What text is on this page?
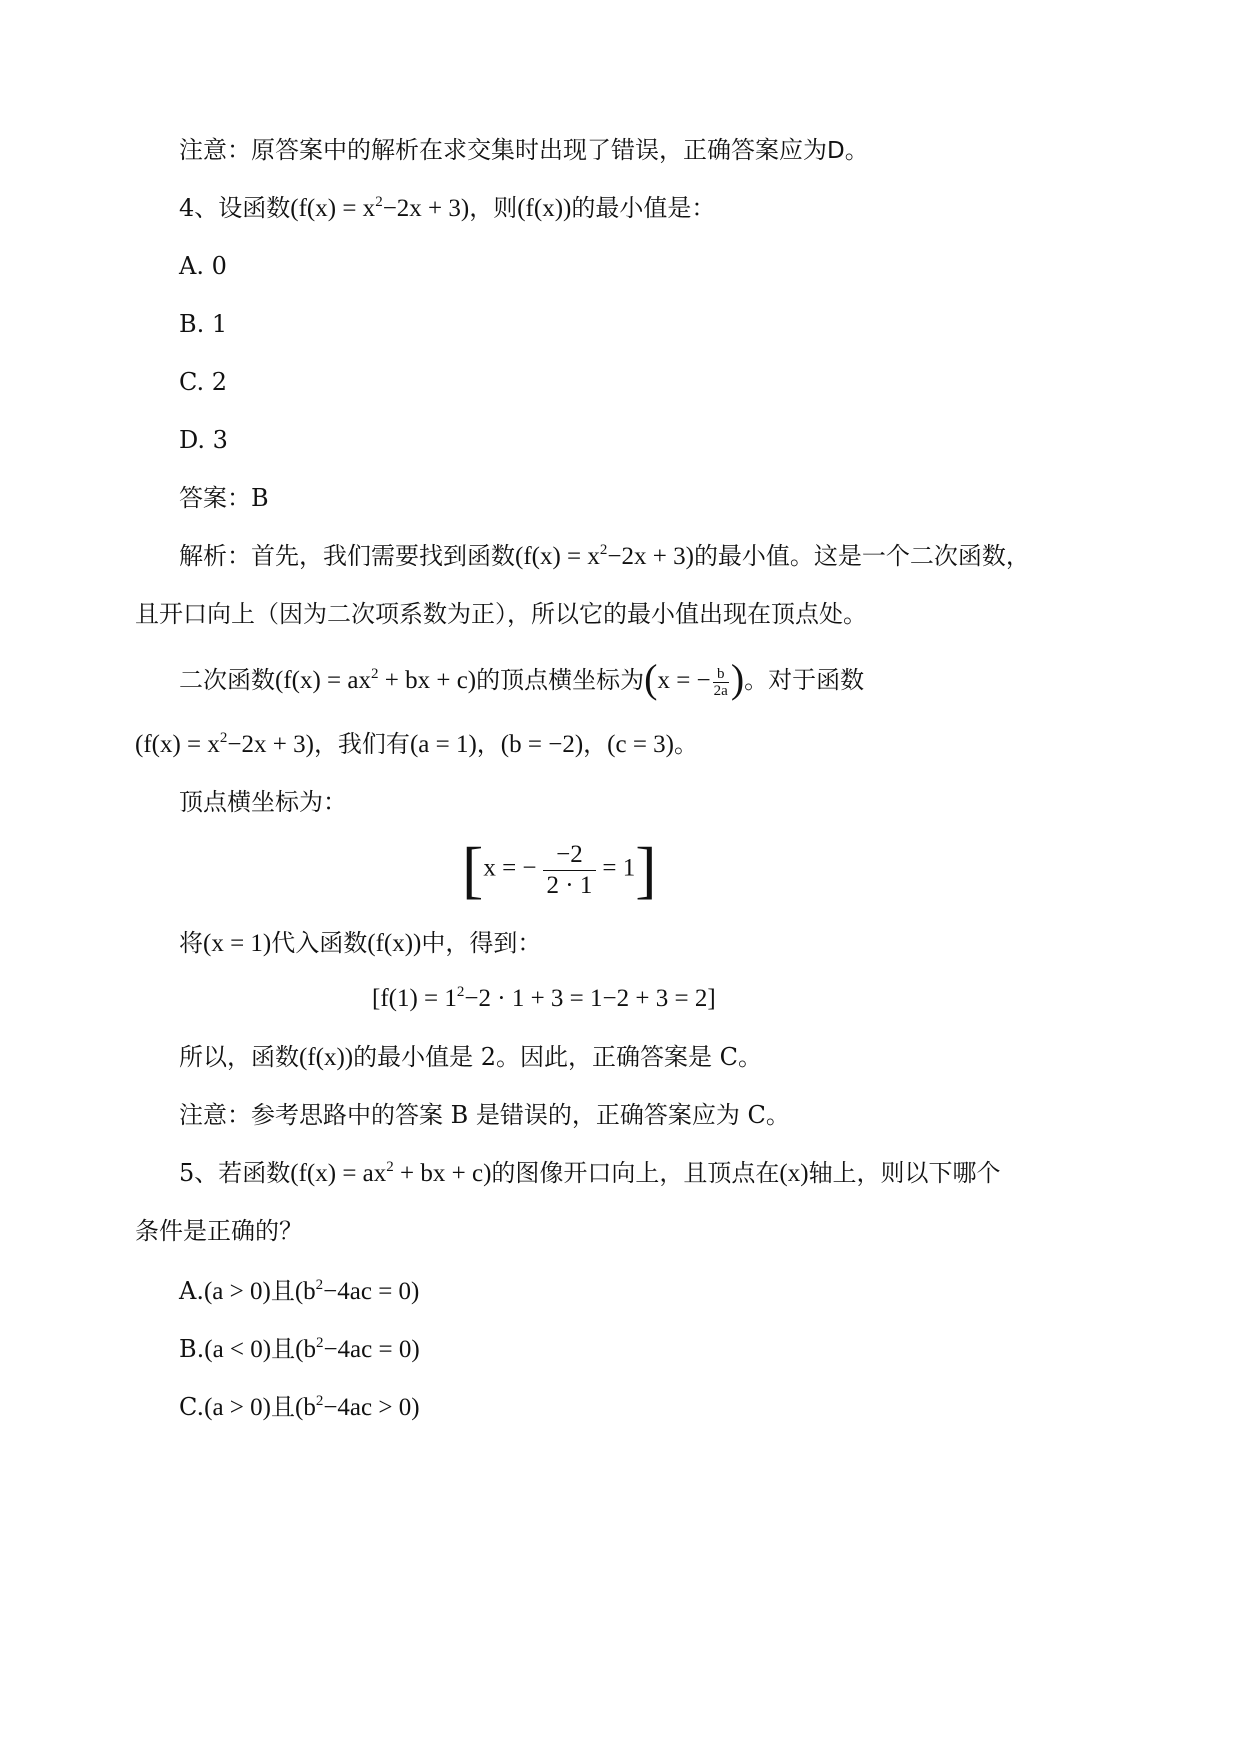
注意：原答案中的解析在求交集时出现了错误，正确答案应为D。
4、设函数$(f(x) = x^2-2x + 3)$，则(f(x))的最小值是：
A. 0
B. 1
C. 2
D. 3
答案：B
解析：首先，我们需要找到函数$(f(x) = x^2-2x + 3)$的最小值。这是一个二次函数，
且开口向上（因为二次项系数为正），所以它的最小值出现在顶点处。
二次函数($f(x) = ax^2$ + bx + c)的顶点横坐标为(x = − $\frac{b}{2a}$ )。对于函数
$(f(x) = x^2-2x + 3)$，我们有(a = 1)，(b = −2)，(c = 3)。
顶点横坐标为：
[x = − $\frac{-2}{2 \cdot 1} = 1$]
将(x = 1)代入函数(f(x))中，得到：
$[f(1) = 1^2-2 \cdot 1 + 3 = 1-2 + 3 = 2]$
所以，函数(f(x))的最小值是 2。因此，正确答案是 C。
注意：参考思路中的答案 B 是错误的，正确答案应为 C。
5、若函数($f(x) = ax^2$ + bx + c)的图像开口向上，且顶点在(x)轴上，则以下哪个
条件是正确的？
A.(a > 0)且$(b^2-4ac = 0)$
B.(a < 0)且$(b^2-4ac = 0)$
C.(a > 0)且$(b^2-4ac > 0)$
